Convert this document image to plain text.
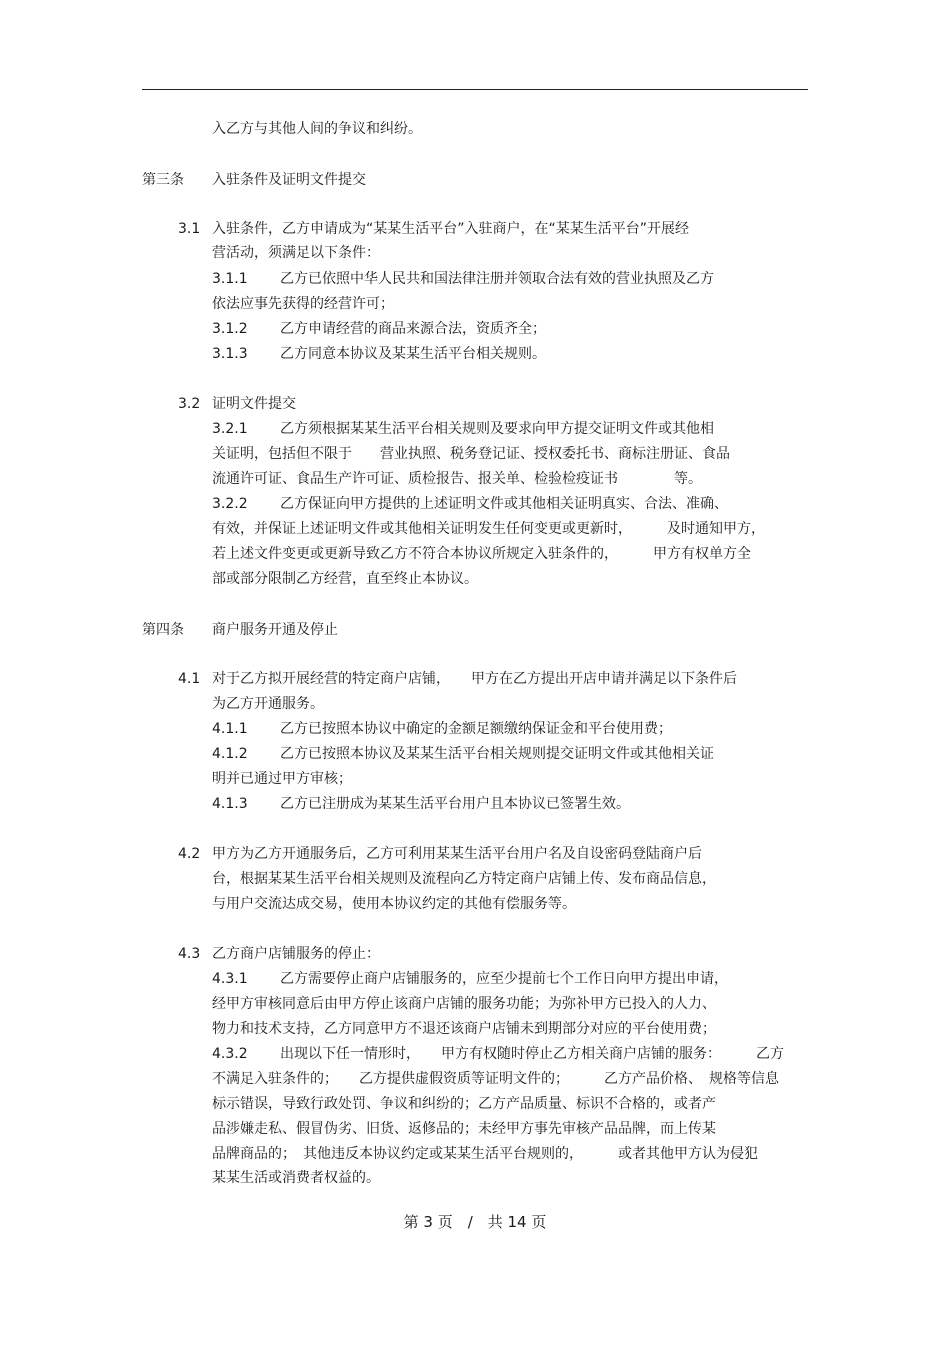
入乙方与其他人间的争议和纠纷。
第三条 入驻条件及证明文件提交
3.1 入驻条件，乙方申请成为“某某生活平台”入驻商户，在“某某生活平台”开展经
营活动，须满足以下条件：
3.1.1 乙方已依照中华人民共和国法律注册并领取合法有效的营业执照及乙方
依法应事先获得的经营许可；
3.1.2 乙方申请经营的商品来源合法，资质齐全；
3.1.3 乙方同意本协议及某某生活平台相关规则。
3.2 证明文件提交
3.2.1 乙方须根据某某生活平台相关规则及要求向甲方提交证明文件或其他相
关证明，包括但不限于　　营业执照、税务登记证、授权委托书、商标注册证、食品
流通许可证、食品生产许可证、质检报告、报关单、检验检疫证书　　　　等。
3.2.2 乙方保证向甲方提供的上述证明文件或其他相关证明真实、合法、准确、
有效，并保证上述证明文件或其他相关证明发生任何变更或更新时，　　　及时通知甲方，
若上述文件变更或更新导致乙方不符合本协议所规定入驻条件的，　　　甲方有权单方全
部或部分限制乙方经营，直至终止本协议。
第四条 商户服务开通及停止
4.1 对于乙方拟开展经营的特定商户店铺，　　甲方在乙方提出开店申请并满足以下条件后
为乙方开通服务。
4.1.1 乙方已按照本协议中确定的金额足额缴纳保证金和平台使用费；
4.1.2 乙方已按照本协议及某某生活平台相关规则提交证明文件或其他相关证
明并已通过甲方审核；
4.1.3 乙方已注册成为某某生活平台用户且本协议已签署生效。
4.2 甲方为乙方开通服务后，乙方可利用某某生活平台用户名及自设密码登陆商户后
台，根据某某生活平台相关规则及流程向乙方特定商户店铺上传、发布商品信息，
与用户交流达成交易，使用本协议约定的其他有偿服务等。
4.3 乙方商户店铺服务的停止：
4.3.1 乙方需要停止商户店铺服务的，应至少提前七个工作日向甲方提出申请，
经甲方审核同意后由甲方停止该商户店铺的服务功能；为弥补甲方已投入的人力、
物力和技术支持，乙方同意甲方不退还该商户店铺未到期部分对应的平台使用费；
4.3.2 出现以下任一情形时，　　甲方有权随时停止乙方相关商户店铺的服务：　　　乙方
不满足入驻条件的；　　乙方提供虚假资质等证明文件的；　　　乙方产品价格、　规格等信息
标示错误，导致行政处罚、争议和纠纷的；乙方产品质量、标识不合格的，或者产
品涉嫌走私、假冒伪劣、旧货、返修品的；未经甲方事先审核产品品牌，而上传某
品牌商品的；　其他违反本协议约定或某某生活平台规则的，　　　或者其他甲方认为侵犯
某某生活或消费者权益的。
第 3 页　/　共 14 页
